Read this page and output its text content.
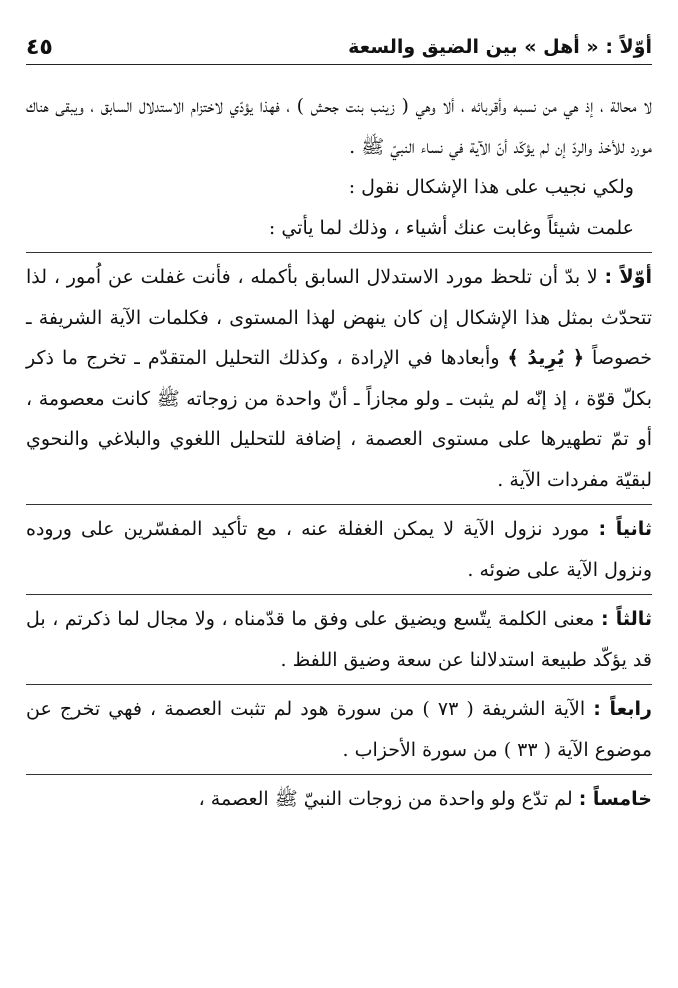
أوّلاً : « أهل » بين الضيق والسعة
٤٥

لا محالة ، إذ هي من نسبه وأقربائه ، ألا وهي ( زينب بنت جحش ) ، فهذا يؤدّي لاختزام الاستدلال السابق ، ويبقى هناك مورد للأخذ والردّ إن لم يؤكّد أنّ الآية في نساء النبيّ ﷺ .

ولكي نجيب على هذا الإشكال نقول :

علمت شيئاً وغابت عنك أشياء ، وذلك لما يأتي :

أوّلاً : لا بدّ أن تلحظ مورد الاستدلال السابق بأكمله ، فأنت غفلت عن اُمور ، لذا تتحدّث بمثل هذا الإشكال إن كان ينهض لهذا المستوى ، فكلمات الآية الشريفة ـ خصوصاً ﴿ يُرِيدُ ﴾ وأبعادها في الإرادة ، وكذلك التحليل المتقدّم ـ تخرج ما ذكر بكلّ قوّة ، إذ إنّه لم يثبت ـ ولو مجازاً ـ أنّ واحدة من زوجاته ﷺ كانت معصومة ، أو تمّ تطهيرها على مستوى العصمة ، إضافة للتحليل اللغوي والبلاغي والنحوي لبقيّة مفردات الآية .

ثانياً : مورد نزول الآية لا يمكن الغفلة عنه ، مع تأكيد المفسّرين على وروده ونزول الآية على ضوئه .

ثالثاً : معنى الكلمة يتّسع ويضيق على وفق ما قدّمناه ، ولا مجال لما ذكرتم ، بل قد يؤكّد طبيعة استدلالنا عن سعة وضيق اللفظ .

رابعاً : الآية الشريفة ( ٧٣ ) من سورة هود لم تثبت العصمة ، فهي تخرج عن موضوع الآية ( ٣٣ ) من سورة الأحزاب .

خامساً : لم تدّع ولو واحدة من زوجات النبيّ ﷺ العصمة ،
